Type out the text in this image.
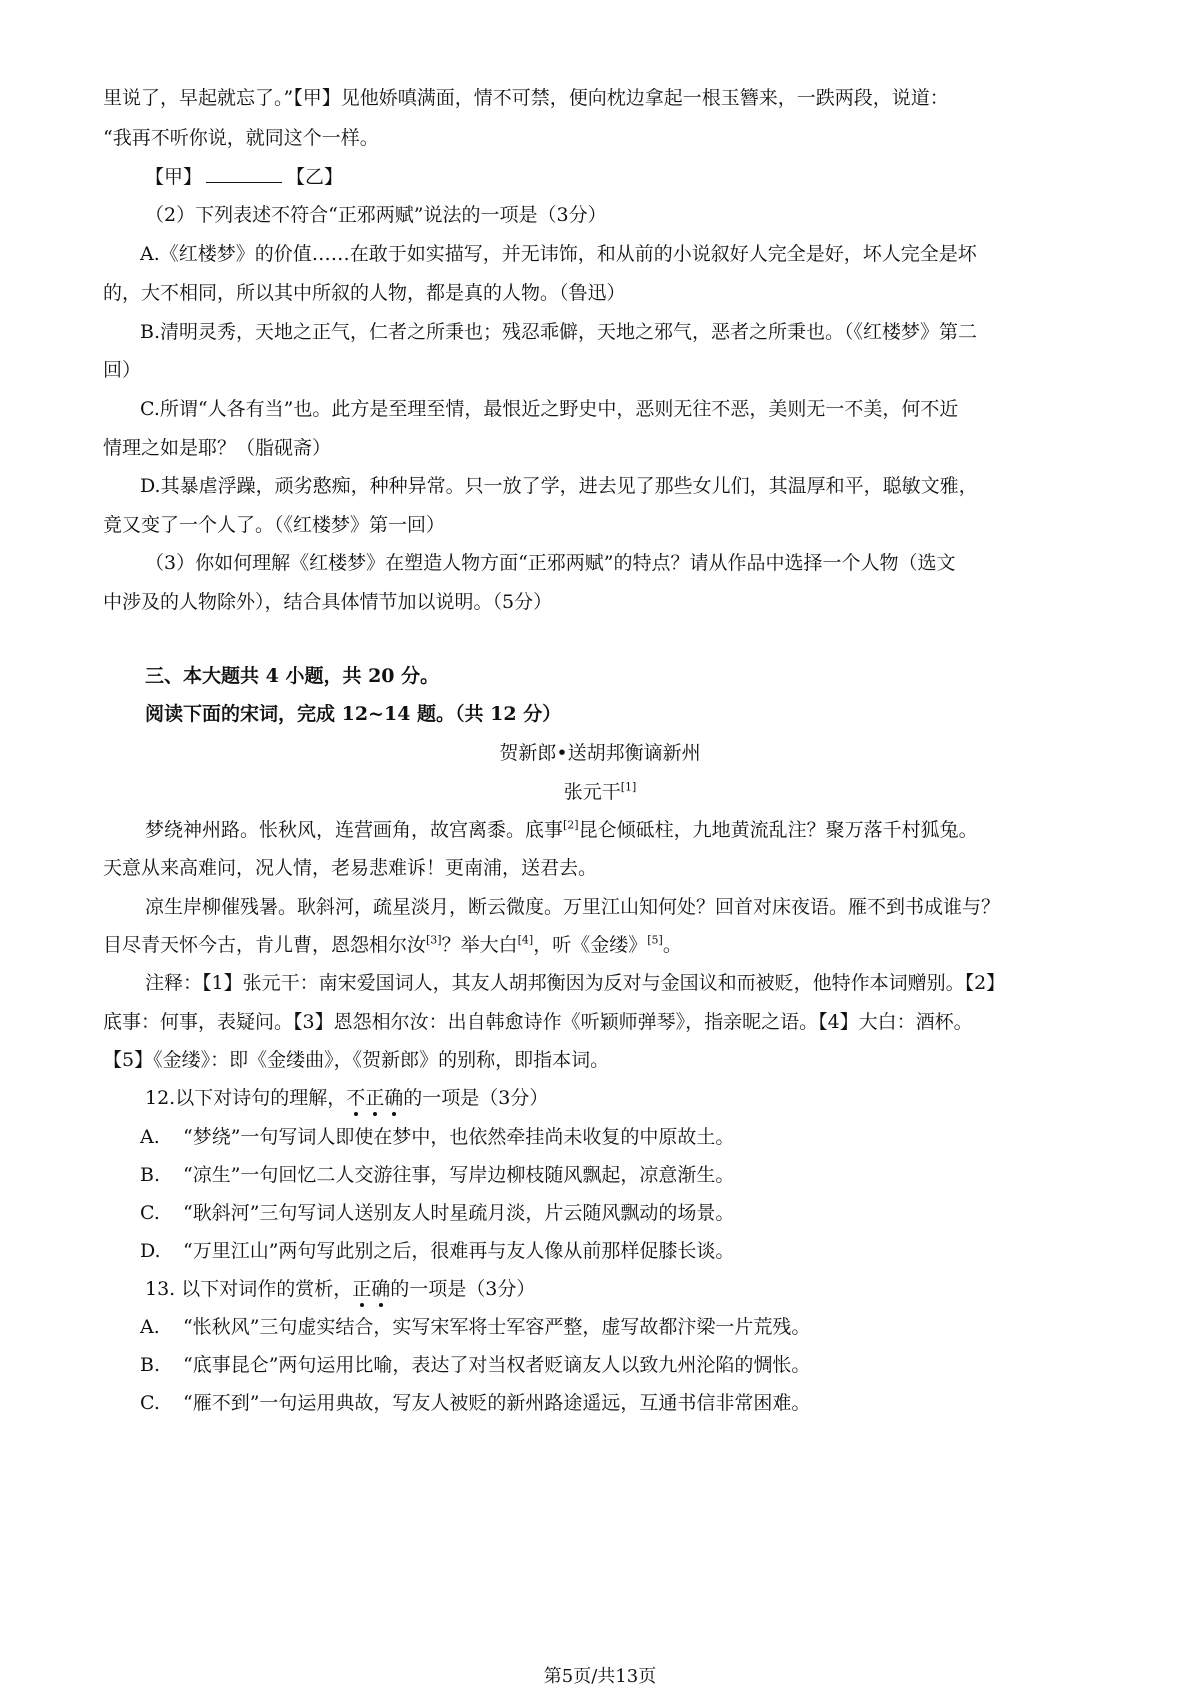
里说了，早起就忘了。”【甲】见他娇嗔满面，情不可禁，便向枕边拿起一根玉簪来，一跌两段，说道：
“我再不听你说，就同这个一样。
【甲】	【乙】
（2）下列表述不符合“正邪两赋”说法的一项是（3分）
A.《红楼梦》的价值……在敢于如实描写，并无讳饰，和从前的小说叙好人完全是好，坏人完全是坏
的，大不相同，所以其中所叙的人物，都是真的人物。（鲁迅）
B.清明灵秀，天地之正气，仁者之所秉也；残忍乖僻，天地之邪气，恶者之所秉也。（《红楼梦》第二
回）
C.所谓“人各有当”也。此方是至理至情，最恨近之野史中，恶则无往不恶，美则无一不美，何不近
情理之如是耶？（脂砚斋）
D.其暴虐浮躁，顽劣憨痴，种种异常。只一放了学，进去见了那些女儿们，其温厚和平，聪敏文雅，
竟又变了一个人了。（《红楼梦》第一回）
（3）你如何理解《红楼梦》在塑造人物方面“正邪两赋”的特点？请从作品中选择一个人物（选文
中涉及的人物除外），结合具体情节加以说明。（5分）
三、本大题共 4 小题，共 20 分。
阅读下面的宋词，完成 12~14 题。（共 12 分）
贺新郎•送胡邦衡谪新州
张元干[1]
梦绕神州路。怅秋风，连营画角，故宫离黍。底事[2]昆仑倾砥柱，九地黄流乱注？聚万落千村狐兔。
天意从来高难问，况人情，老易悲难诉！更南浦，送君去。
凉生岸柳催残暑。耿斜河，疏星淡月，断云微度。万里江山知何处？回首对床夜语。雁不到书成谁与？
目尽青天怀今古，肯儿曹，恩怨相尔汝[3]？举大白[4]，听《金缕》[5]。
注释：【1】张元干：南宋爱国词人，其友人胡邦衡因为反对与金国议和而被贬，他特作本词赠别。【2】
底事：何事，表疑问。【3】恩怨相尔汝：出自韩愈诗作《听颖师弹琴》，指亲昵之语。【4】大白：酒杯。
【5】《金缕》：即《金缕曲》，《贺新郎》的别称，即指本词。
12.以下对诗句的理解，不正确的一项是（3分）
A. “梦绕”一句写词人即使在梦中，也依然牵挂尚未收复的中原故土。
B. “凉生”一句回忆二人交游往事，写岸边柳枝随风飘起，凉意渐生。
C. “耿斜河”三句写词人送别友人时星疏月淡，片云随风飘动的场景。
D. “万里江山”两句写此别之后，很难再与友人像从前那样促膝长谈。
13. 以下对词作的赏析，正确的一项是（3分）
A. “怅秋风”三句虚实结合，实写宋军将士军容严整，虚写故都汴梁一片荒残。
B. “底事昆仑”两句运用比喻，表达了对当权者贬谪友人以致九州沦陷的惆怅。
C. “雁不到”一句运用典故，写友人被贬的新州路途遥远，互通书信非常困难。
第5页/共13页
